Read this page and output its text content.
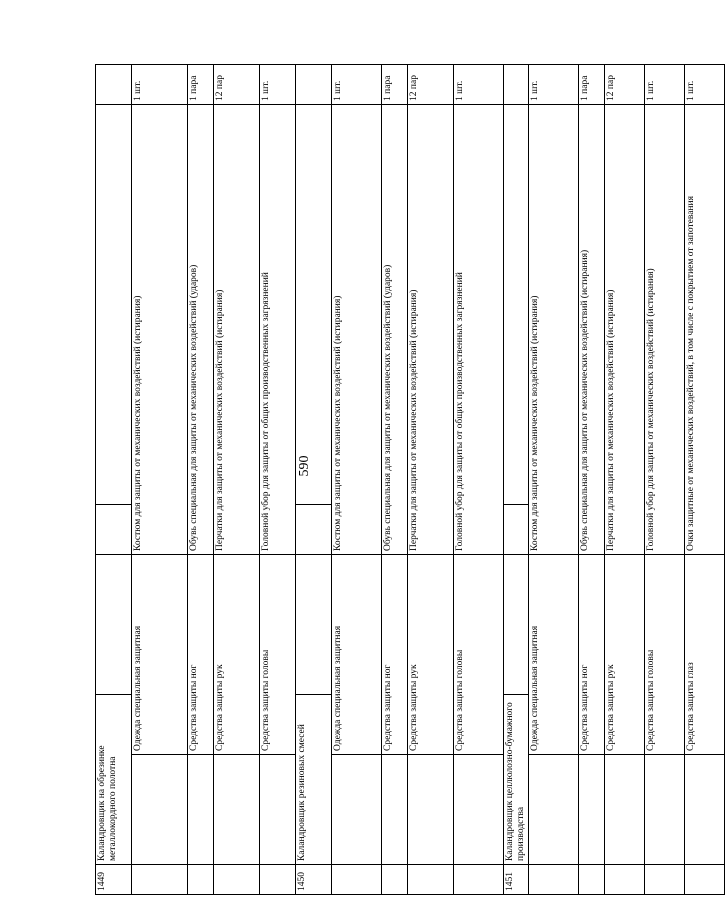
590
1449	Каландровщик на обрезинке металлокордного полотна					
		Одежда специальная защитная		Костюм для защиты от механических воздействий (истирания)		1 шт.
		Средства защиты ног		Обувь специальная для защиты от механических воздействий (ударов)		1 пара
		Средства защиты рук		Перчатки для защиты от механических воздействий (истирания)		12 пар
		Средства защиты головы		Головной убор для защиты от общих производственных загрязнений		1 шт.
1450	Каландровщик резиновых смесей					
		Одежда специальная защитная		Костюм для защиты от механических воздействий (истирания)		1 шт.
		Средства защиты ног		Обувь специальная для защиты от механических воздействий (ударов)		1 пара
		Средства защиты рук		Перчатки для защиты от механических воздействий (истирания)		12 пар
		Средства защиты головы		Головной убор для защиты от общих производственных загрязнений		1 шт.
1451	Каландровщик целлюлозно-бумажного производства					
		Одежда специальная защитная		Костюм для защиты от механических воздействий (истирания)		1 шт.
		Средства защиты ног		Обувь специальная для защиты от механических воздействий (истирания)		1 пара
		Средства защиты рук		Перчатки для защиты от механических воздействий (истирания)		12 пар
		Средства защиты головы		Головной убор для защиты от механических воздействий (истирания)		1 шт.
		Средства защиты глаз		Очки защитные от механических воздействий, в том числе с покрытием от запотевания		1 шт.
